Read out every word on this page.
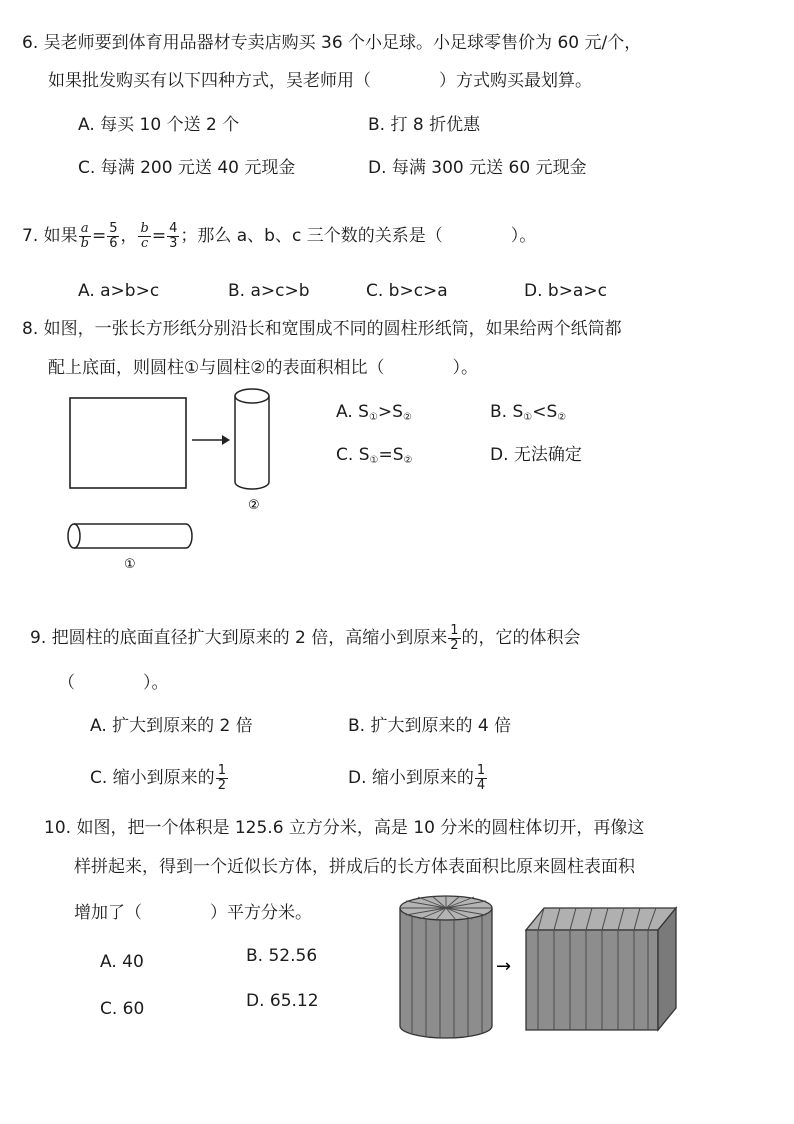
6. 吴老师要到体育用品器材专卖店购买 36 个小足球。小足球零售价为 60 元/个，
如果批发购买有以下四种方式，吴老师用（　　　　）方式购买最划算。
A. 每买 10 个送 2 个	B. 打 8 折优惠
C. 每满 200 元送 40 元现金	D. 每满 300 元送 60 元现金
7. 如果 $\frac{a}{b} = \frac{5}{6}$ ， $\frac{b}{c} = \frac{4}{3}$ ；那么 a、b、c 三个数的关系是（　　　　）。
A. a>b>c	B. a>c>b	C. b>c>a	D. b>a>c
8. 如图，一张长方形纸分别沿长和宽围成不同的圆柱形纸筒，如果给两个纸筒都
配上底面，则圆柱①与圆柱②的表面积相比（　　　　）。
②
①
A. $S_①>S_②$	B. $S_①<S_②$
C. $S_①=S_②$	D. 无法确定
9. 把圆柱的底面直径扩大到原来的 2 倍，高缩小到原来 $\frac{1}{2}$ 的，它的体积会
（　　　　）。
A. 扩大到原来的 2 倍	B. 扩大到原来的 4 倍
C. 缩小到原来的 $\frac{1}{2}$	D. 缩小到原来的 $\frac{1}{4}$
10. 如图，把一个体积是 125.6 立方分米，高是 10 分米的圆柱体切开，再像这
样拼起来，得到一个近似长方体，拼成后的长方体表面积比原来圆柱表面积
增加了（　　　　）平方分米。
A. 40	B. 52.56
C. 60	D. 65.12
→
